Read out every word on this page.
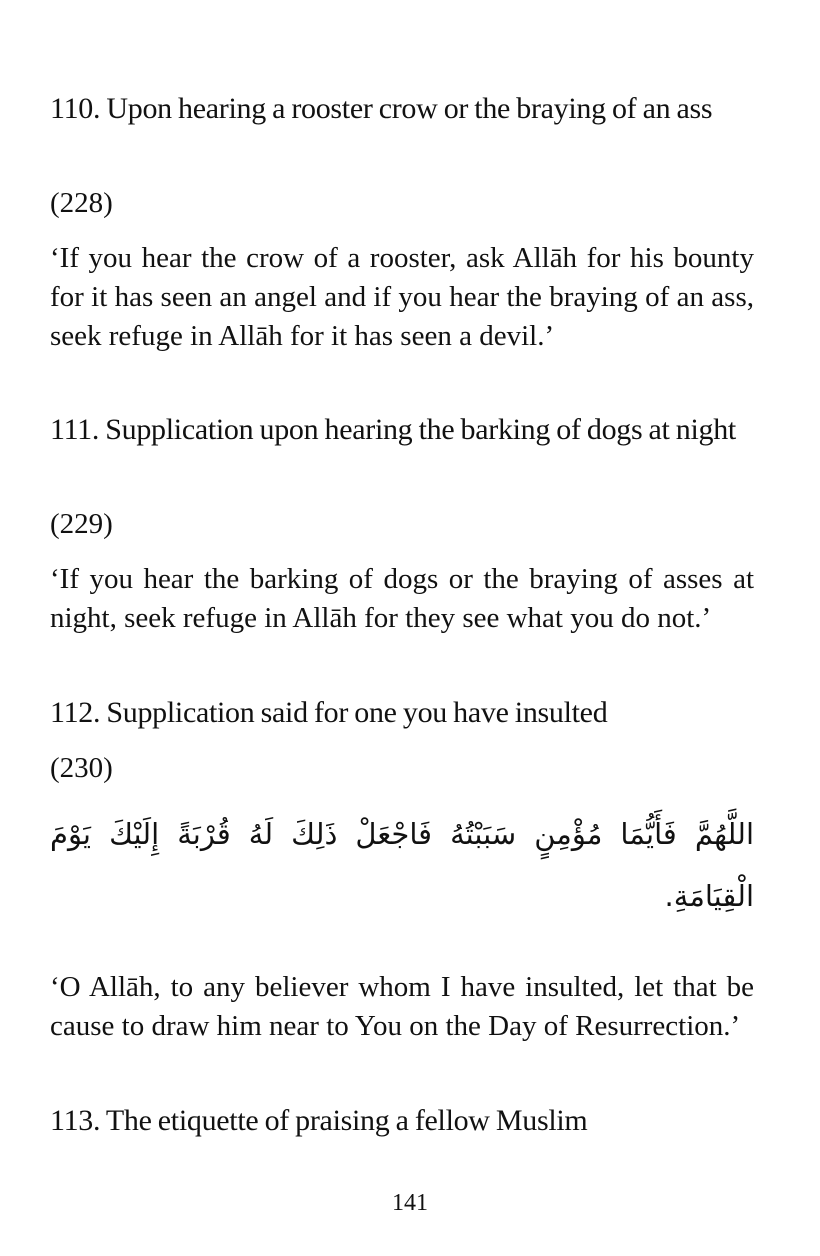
110. Upon hearing a rooster crow or the braying of an ass
(228)
‘If you hear the crow of a rooster, ask Allāh for his bounty for it has seen an angel and if you hear the braying of an ass, seek refuge in Allāh for it has seen a devil.’
111. Supplication upon hearing the barking of dogs at night
(229)
‘If you hear the barking of dogs or the braying of asses at night, seek refuge in Allāh for they see what you do not.’
112. Supplication said for one you have insulted
(230)
اللَّهُمَّ فَأَيُّمَا مُؤْمِنٍ سَبَبْتُهُ فَاجْعَلْ ذَلِكَ لَهُ قُرْبَةً إِلَيْكَ يَوْمَ الْقِيَامَةِ.
‘O Allāh, to any believer whom I have insulted, let that be cause to draw him near to You on the Day of Resurrection.’
113. The etiquette of praising a fellow Muslim
141
